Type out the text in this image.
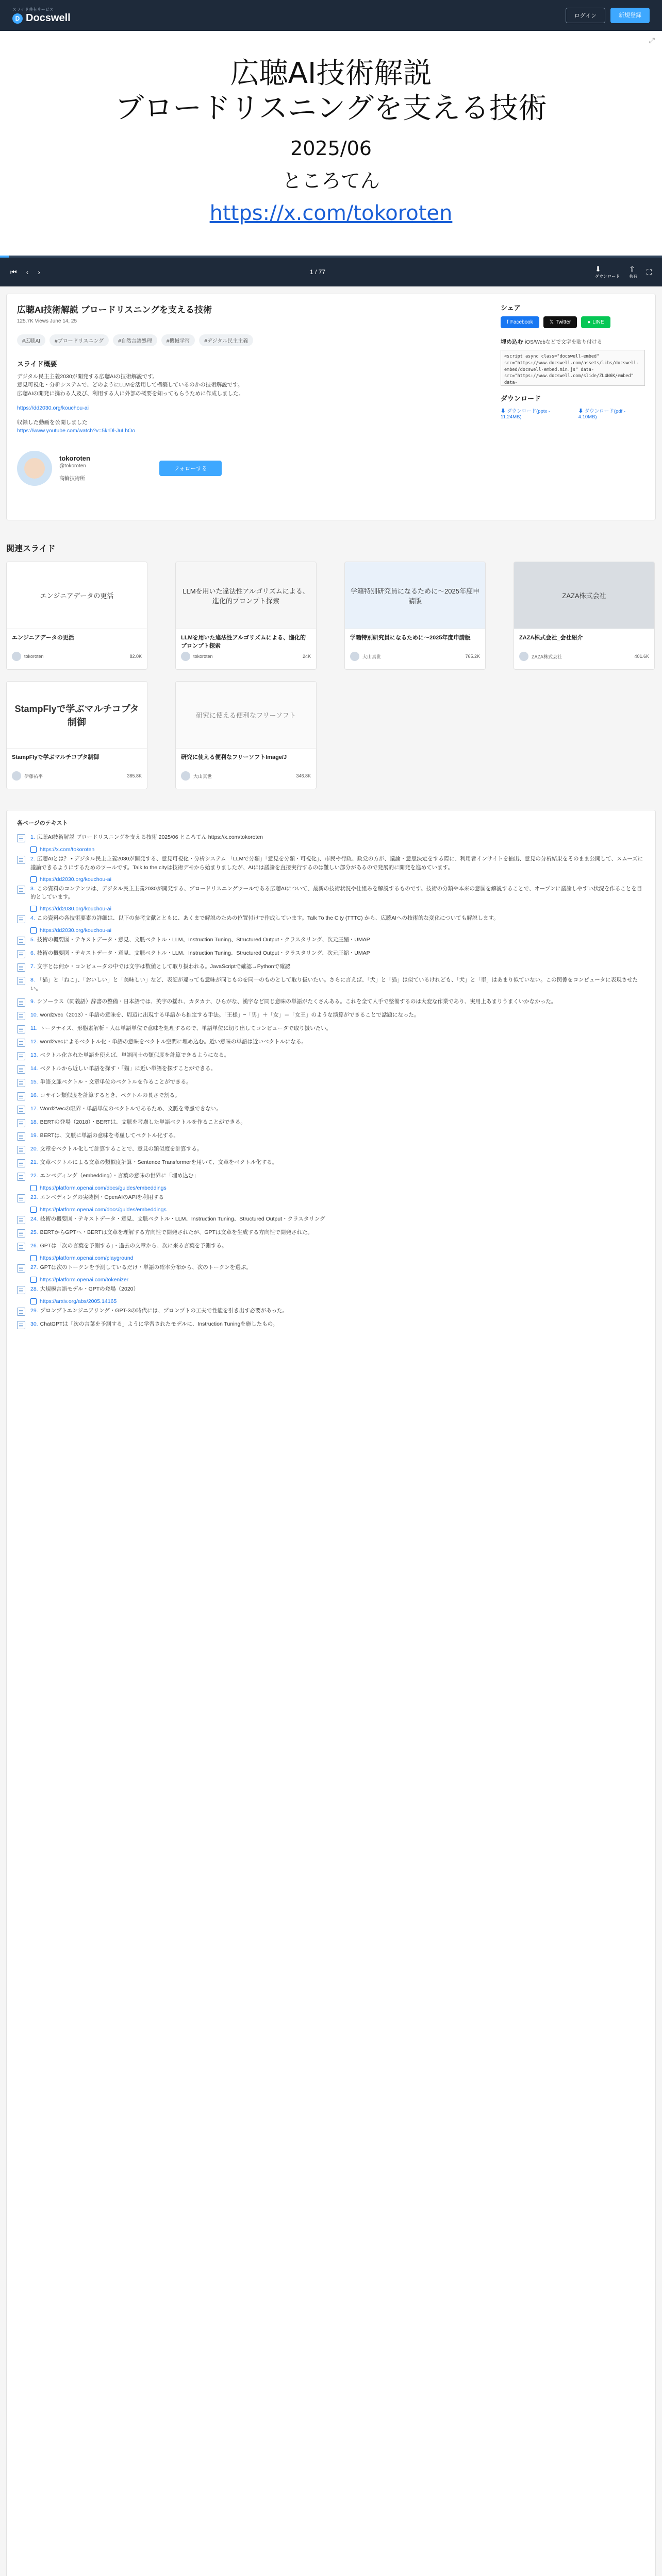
スライド共有サービス
D Docswell	ログイン	新規登録
広聴AI技術解説
ブロードリスニングを支える技術
2025/06
ところてん
https://x.com/tokoroten
⤢
⏮ ‹ ›	1 / 77	⬇
ダウンロード
⇪
共有
⛶
広聴AI技術解説 ブロードリスニングを支える技術
125.7K Views June 14, 25
#広聴AI	#ブロードリスニング	#自然言語処理	#機械学習	#デジタル民主主義
スライド概要

デジタル民主主義2030が開発する広聴AIの技術解説です。

意見可視化・分析システムで、どのようにLLMを活用して構築しているのかの技術解説です。

広聴AIの開発に携わる人及び、利用する人に外部の概要を知ってもらうために作成しました。

https://dd2030.org/kouchou-ai

収録した動画を公開しました

https://www.youtube.com/watch?v=5krDl-JuLhOo

tokoroten
@tokoroten
高輪技術所
フォローする
シェア
f Facebook	𝕏 Twitter	● LINE
埋め込む iOS/Webなどで文字を貼り付ける
<script async class="docswell-embed" src="https://www.docswell.com/assets/libs/docswell-embed/docswell-embed.min.js" data-src="https://www.docswell.com/slide/ZL4N6K/embed" data-
ダウンロード
⬇ ダウンロード(pptx - 11.24MB)
⬇ ダウンロード(pdf - 4.10MB)
関連スライド
エンジニアデータの更活
エンジニアデータの更活
tokoroten	82.0K
LLMを用いた違法性アルゴリズムによる、進化的プロンプト探索
LLMを用いた違法性アルゴリズムによる、進化的プロンプト探索
tokoroten	24K
学籍特別研究員になるために〜2025年度申請版
学籍特別研究員になるために〜2025年度申請版
大山真世	765.2K
ZAZA株式会社
ZAZA株式会社_会社紹介
ZAZA株式会社	401.6K
StampFlyで学ぶマルチコプタ制御
StampFlyで学ぶマルチコプタ制御
伊藤祐平	365.8K
研究に使える便利なフリーソフト
研究に使える便利なフリーソフトImage/J
大山真世	346.8K
各ページのテキスト
1. 広聴AI技術解説 ブロードリスニングを支える技術 2025/06 ところてん https://x.com/tokoroten
https://x.com/tokoroten
2. 広聴AIとは？ • デジタル民主主義2030が開発する、意見可視化・分析システム 「LLMで分類」「意見を分類・可視化」、市民や行政、政党の方が、議論・意思決定をする際に、利用者インサイトを抽出、意見の分析結果をそのまま公開して、スムーズに議論できるようにするためのツールです。Talk to the cityは技術デモから始まりましたが、AIには議論を直接実行するのは難しい部分があるので発展的に開発を進めています。
https://dd2030.org/kouchou-ai
3. この資料のコンテンツは、デジタル民主主義2030が開発する、ブロードリスニングツールである広聴AIについて、最新の技術状況や仕組みを解説するものです。技術の分類や本来の意図を解説することで、オープンに議論しやすい状況を作ることを目的としています。
https://dd2030.org/kouchou-ai
4. この資料の各技術要素の詳細は、以下の参考文献とともに、あくまで解説のための位置付けで作成しています。Talk To the City (TTTC) から、広聴AIへの技術的な変化についても解説します。
https://dd2030.org/kouchou-ai
5. 技術の概要図・テキストデータ・意見、文脈ベクトル・LLM、Instruction Tuning、Structured Output・クラスタリング、次元圧縮・UMAP
6. 技術の概要図・テキストデータ・意見、文脈ベクトル・LLM、Instruction Tuning、Structured Output・クラスタリング、次元圧縮・UMAP
7. 文字とは何か・コンピュータの中では文字は数値として取り扱われる。JavaScriptで確認→Pythonで確認
8. 「猫」と「ねこ」、「おいしい」と「美味しい」など、表記が違っても意味が同じものを同一のものとして取り扱いたい。さらに言えば、「犬」と「猫」は似ているけれども、「犬」と「車」はあまり似ていない。この関係をコンピュータに表現させたい。
9. シソーラス（同義語）辞書の整備・日本語では、英字の揺れ、カタカナ、ひらがな、漢字など同じ意味の単語がたくさんある。これを全て人手で整備するのは大変な作業であり、実用上あまりうまくいかなかった。
10. word2vec（2013）・単語の意味を、周辺に出現する単語から推定する手法。「王様」−「男」＋「女」＝「女王」のような演算ができることで話題になった。
11. トークナイズ、形態素解析・人は単語単位で意味を処理するので、単語単位に切り出してコンピュータで取り扱いたい。
12. word2vecによるベクトル化・単語の意味をベクトル空間に埋め込む。近い意味の単語は近いベクトルになる。
13. ベクトル化された単語を使えば、単語同士の類似度を計算できるようになる。
14. ベクトルから近しい単語を探す・「猫」に近い単語を探すことができる。
15. 単語文脈ベクトル・文章単位のベクトルを作ることができる。
16. コサイン類似度を計算するとき、ベクトルの長さで割る。
17. Word2Vecの限界・単語単位のベクトルであるため、文脈を考慮できない。
18. BERTの登場（2018）・BERTは、文脈を考慮した単語ベクトルを作ることができる。
19. BERTは、文脈に単語の意味を考慮してベクトル化する。
20. 文章をベクトル化して計算することで、意見の類似度を計算する。
21. 文章ベクトルによる文章の類似度計算・Sentence Transformerを用いて、文章をベクトル化する。
22. エンベディング（embedding）・言葉の意味の世界に「埋め込む」
https://platform.openai.com/docs/guides/embeddings
23. エンベディングの実装例・OpenAIのAPIを利用する
https://platform.openai.com/docs/guides/embeddings
24. 技術の概要図・テキストデータ・意見、文脈ベクトル・LLM、Instruction Tuning、Structured Output・クラスタリング
25. BERTからGPTへ・BERTは文章を理解する方向性で開発されたが、GPTは文章を生成する方向性で開発された。
26. GPTは「次の言葉を予測する」・過去の文章から、次に来る言葉を予測する。
https://platform.openai.com/playground
27. GPTは次のトークンを予測しているだけ・単語の確率分布から、次のトークンを選ぶ。
https://platform.openai.com/tokenizer
28. 大規模言語モデル・GPTの登場（2020）
https://arxiv.org/abs/2005.14165
29. プロンプトエンジニアリング・GPT-3の時代には、プロンプトの工夫で性能を引き出す必要があった。
30. ChatGPTは「次の言葉を予測する」ように学習されたモデルに、Instruction Tuningを施したもの。
